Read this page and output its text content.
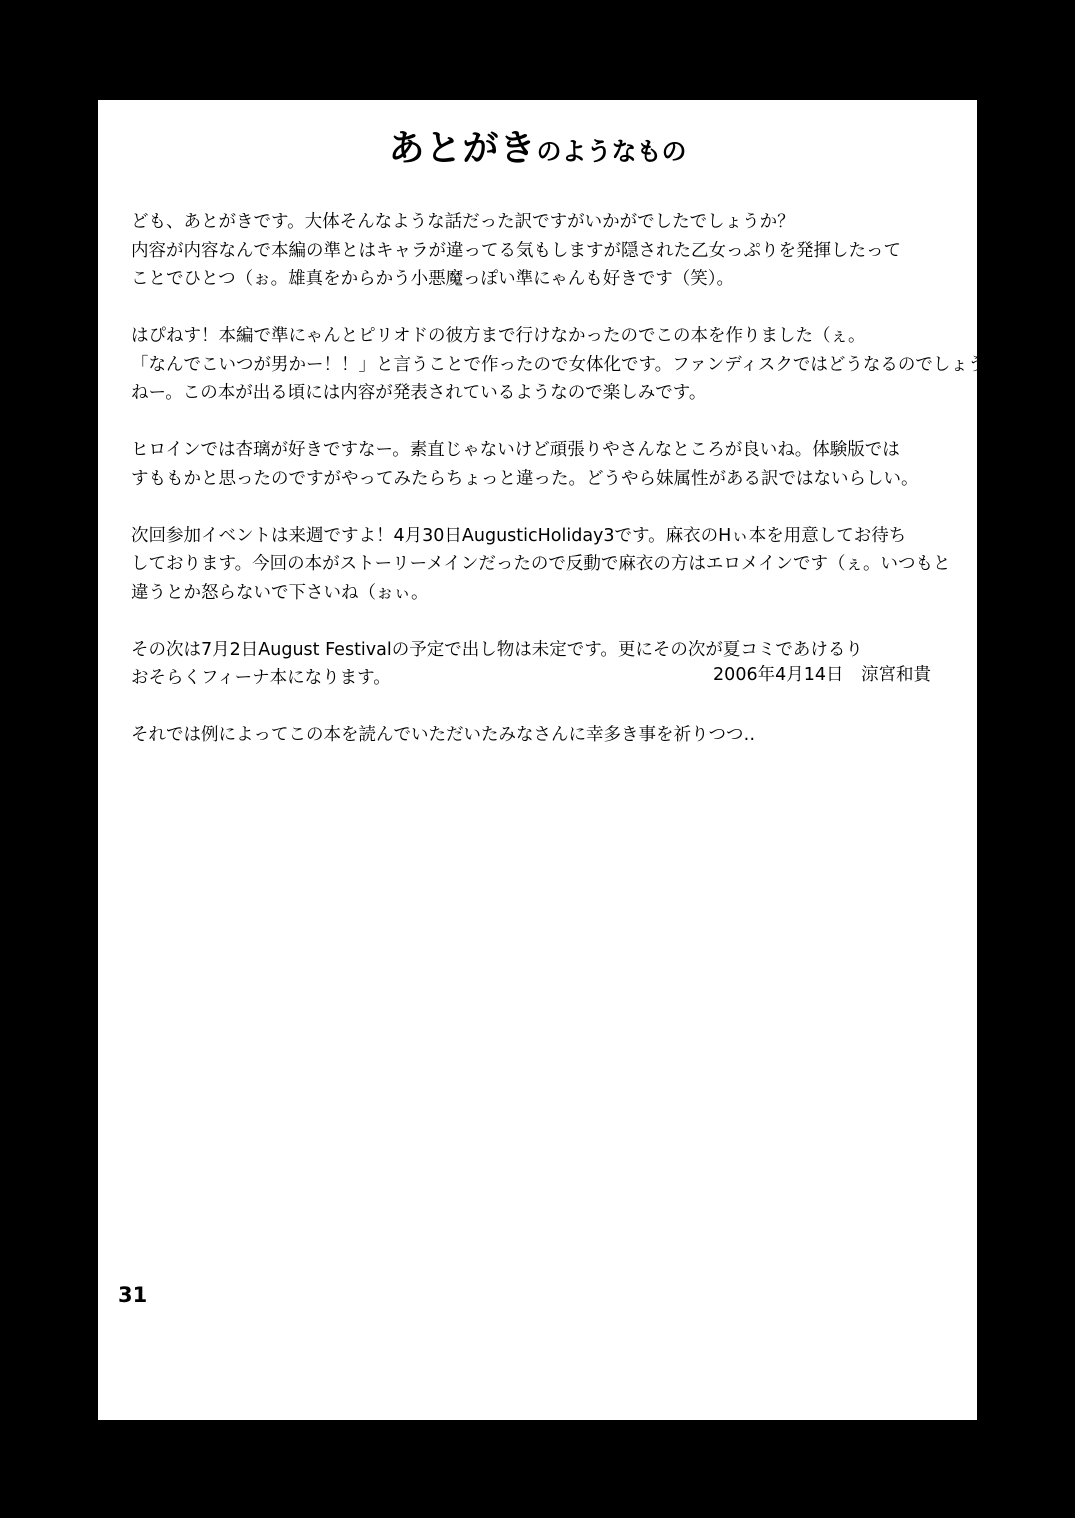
あとがきのようなもの

ども、あとがきです。大体そんなような話だった訳ですがいかがでしたでしょうか？
内容が内容なんで本編の準とはキャラが違ってる気もしますが隠された乙女っぷりを発揮したって
ことでひとつ（ぉ。雄真をからかう小悪魔っぽい準にゃんも好きです（笑）。

はぴねす！本編で準にゃんとピリオドの彼方まで行けなかったのでこの本を作りました（ぇ。
「なんでこいつが男かー！！」と言うことで作ったので女体化です。ファンディスクではどうなるのでしょう
ねー。この本が出る頃には内容が発表されているようなので楽しみです。

ヒロインでは杏璃が好きですなー。素直じゃないけど頑張りやさんなところが良いね。体験版では
すももかと思ったのですがやってみたらちょっと違った。どうやら妹属性がある訳ではないらしい。

次回参加イベントは来週ですよ！4月30日AugusticHoliday3です。麻衣のHぃ本を用意してお待ち
しております。今回の本がストーリーメインだったので反動で麻衣の方はエロメインです（ぇ。いつもと
違うとか怒らないで下さいね（ぉぃ。

その次は7月2日August Festivalの予定で出し物は未定です。更にその次が夏コミであけるり
おそらくフィーナ本になります。

それでは例によってこの本を読んでいただいたみなさんに幸多き事を祈りつつ‥

2006年4月14日　 涼宮和貴
31
